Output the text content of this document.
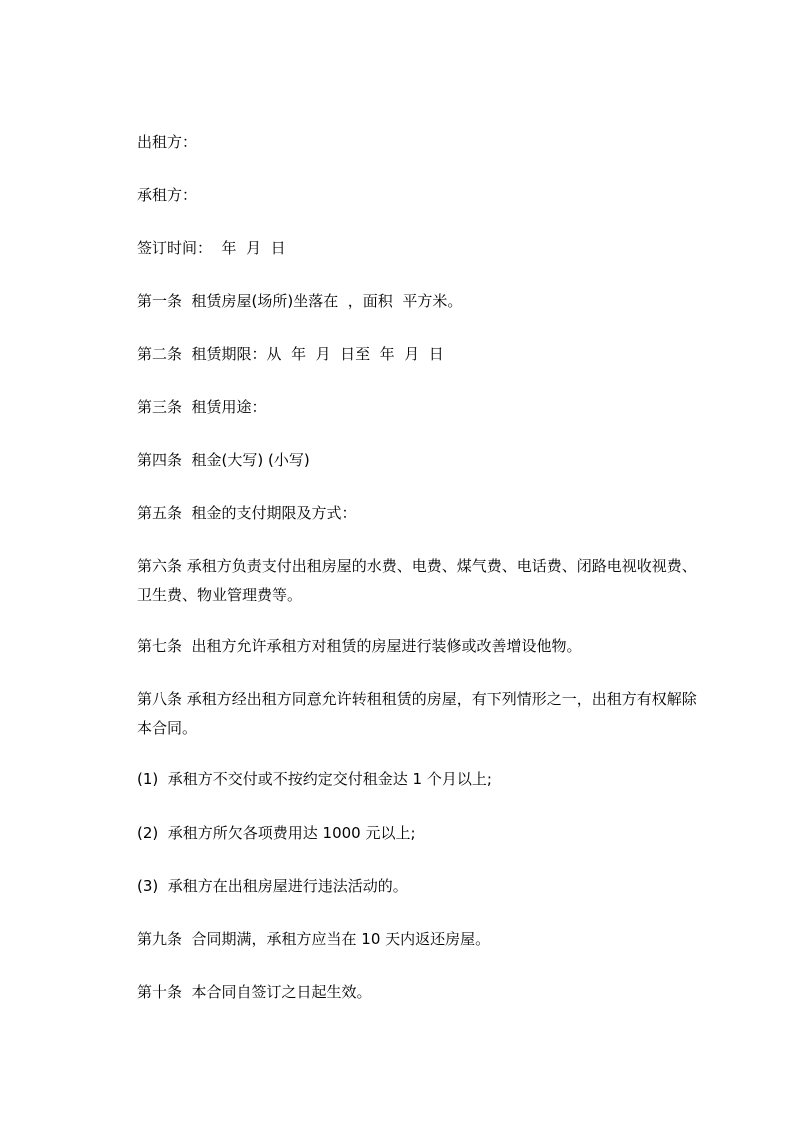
出租方：

承租方：

签订时间：  年  月  日

第一条  租赁房屋(场所)坐落在  ，面积  平方米。

第二条  租赁期限：从  年  月  日至  年  月  日

第三条  租赁用途：

第四条  租金(大写) (小写)

第五条  租金的支付期限及方式：

第六条 承租方负责支付出租房屋的水费、电费、煤气费、电话费、闭路电视收视费、卫生费、物业管理费等。

第七条  出租方允许承租方对租赁的房屋进行装修或改善增设他物。

第八条 承租方经出租方同意允许转租租赁的房屋，有下列情形之一，出租方有权解除本合同。

(1)  承租方不交付或不按约定交付租金达 1 个月以上;

(2)  承租方所欠各项费用达 1000 元以上;

(3)  承租方在出租房屋进行违法活动的。

第九条  合同期满，承租方应当在 10 天内返还房屋。

第十条  本合同自签订之日起生效。
